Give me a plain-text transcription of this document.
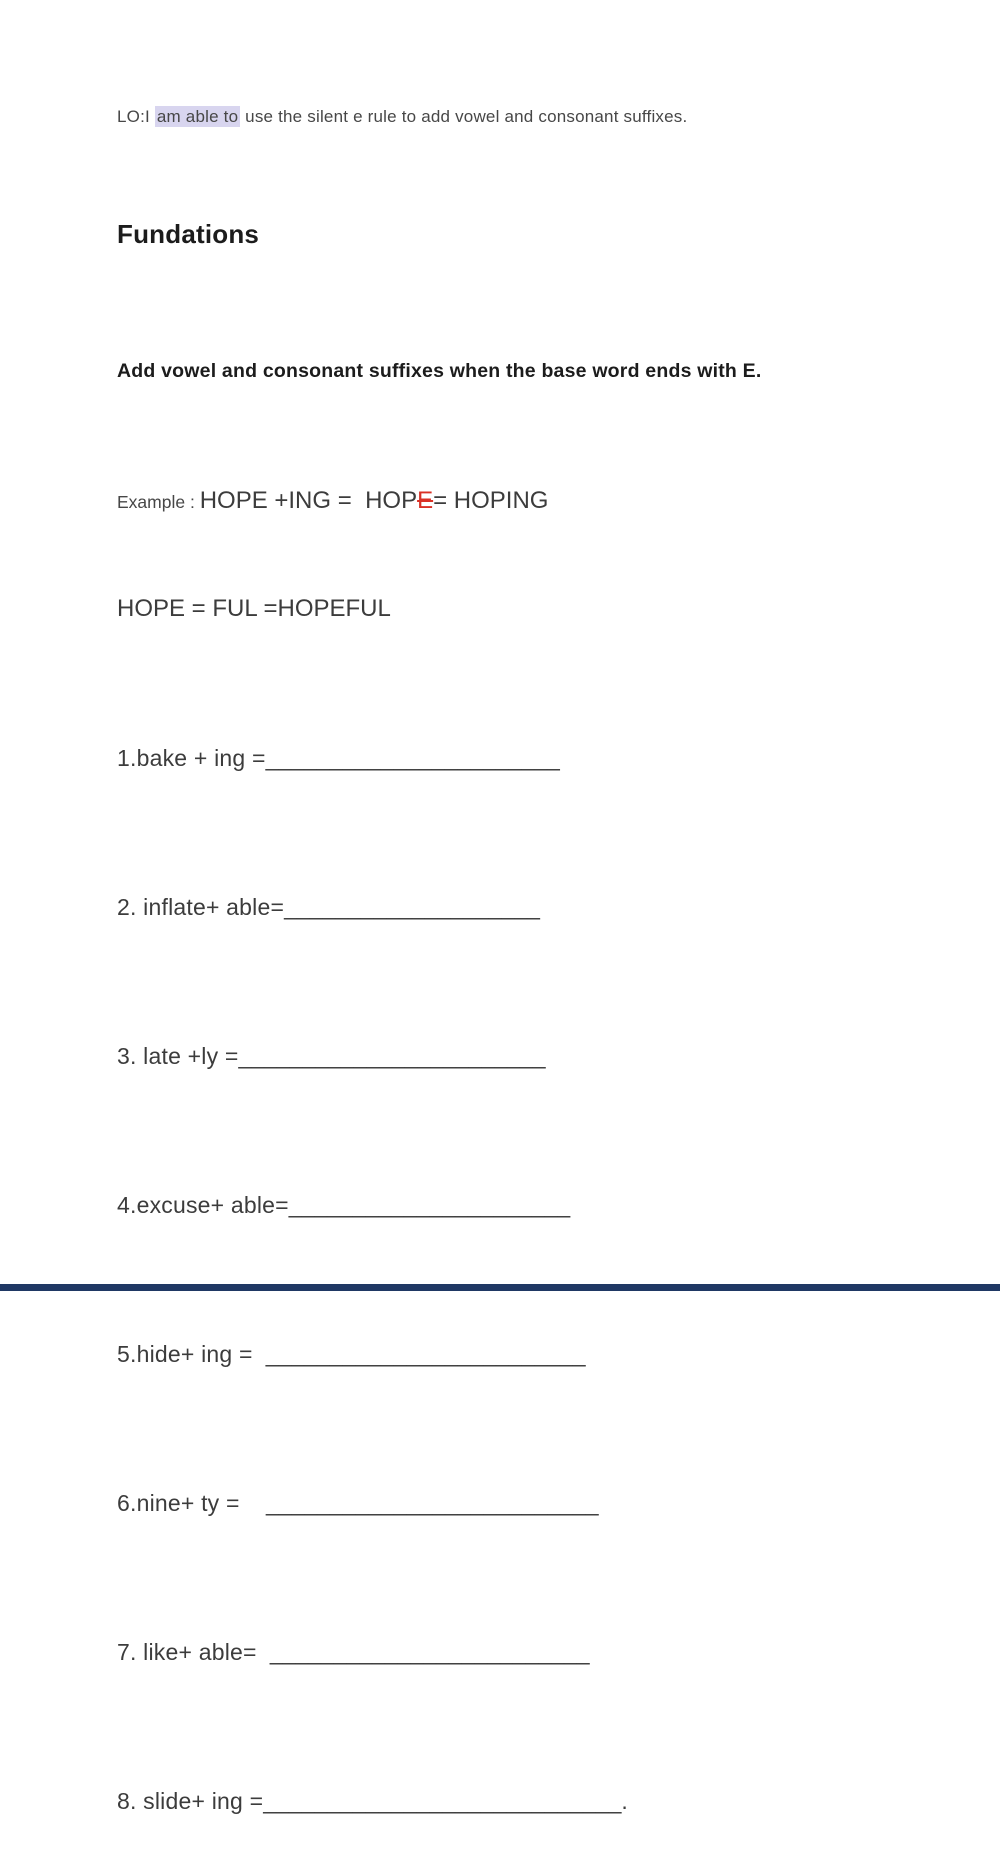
LO:I am able to use the silent e rule to add vowel and consonant suffixes.

Fundations

Add vowel and consonant suffixes when the base word ends with E.

Example : HOPE +ING =  HOPE= HOPING

HOPE = FUL =HOPEFUL

1.bake + ing =_______________________

2. inflate+ able=____________________

3. late +ly =________________________

4.excuse+ able=______________________

5.hide+ ing =  _________________________

6.nine+ ty =    __________________________

7. like+ able=  _________________________

8. slide+ ing =____________________________.
